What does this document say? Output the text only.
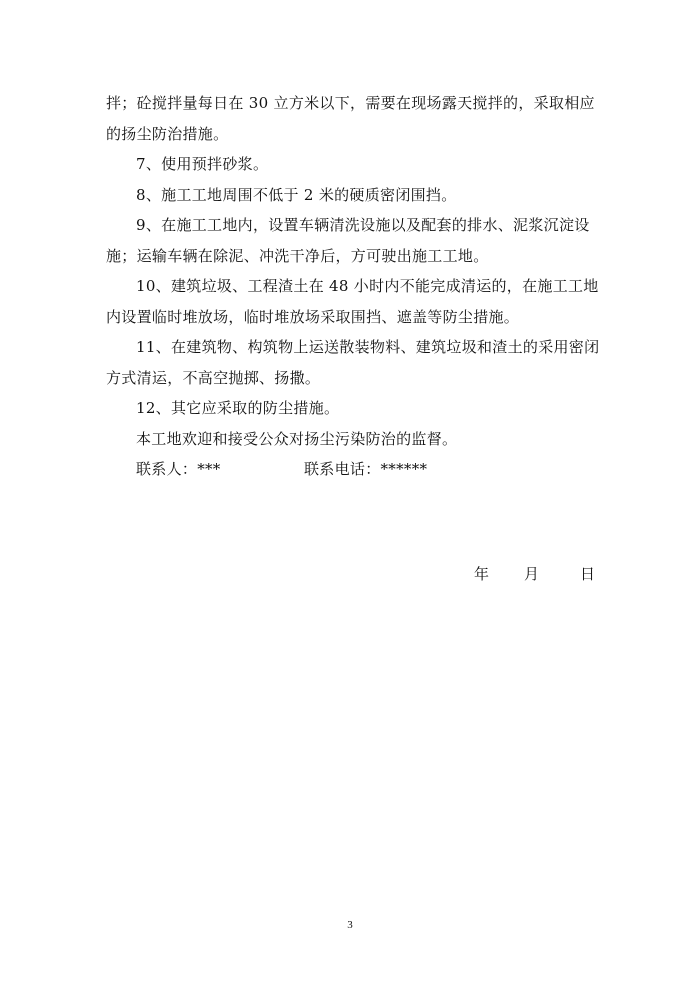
拌；砼搅拌量每日在 30 立方米以下，需要在现场露天搅拌的，采取相应的扬尘防治措施。

7、使用预拌砂浆。

8、施工工地周围不低于 2 米的硬质密闭围挡。

9、在施工工地内，设置车辆清洗设施以及配套的排水、泥浆沉淀设施；运输车辆在除泥、冲洗干净后，方可驶出施工工地。

10、建筑垃圾、工程渣土在 48 小时内不能完成清运的，在施工工地内设置临时堆放场，临时堆放场采取围挡、遮盖等防尘措施。

11、在建筑物、构筑物上运送散装物料、建筑垃圾和渣土的采用密闭方式清运，不高空抛掷、扬撒。

12、其它应采取的防尘措施。

本工地欢迎和接受公众对扬尘污染防治的监督。

联系人：***	联系电话：******
年 月	日
3
